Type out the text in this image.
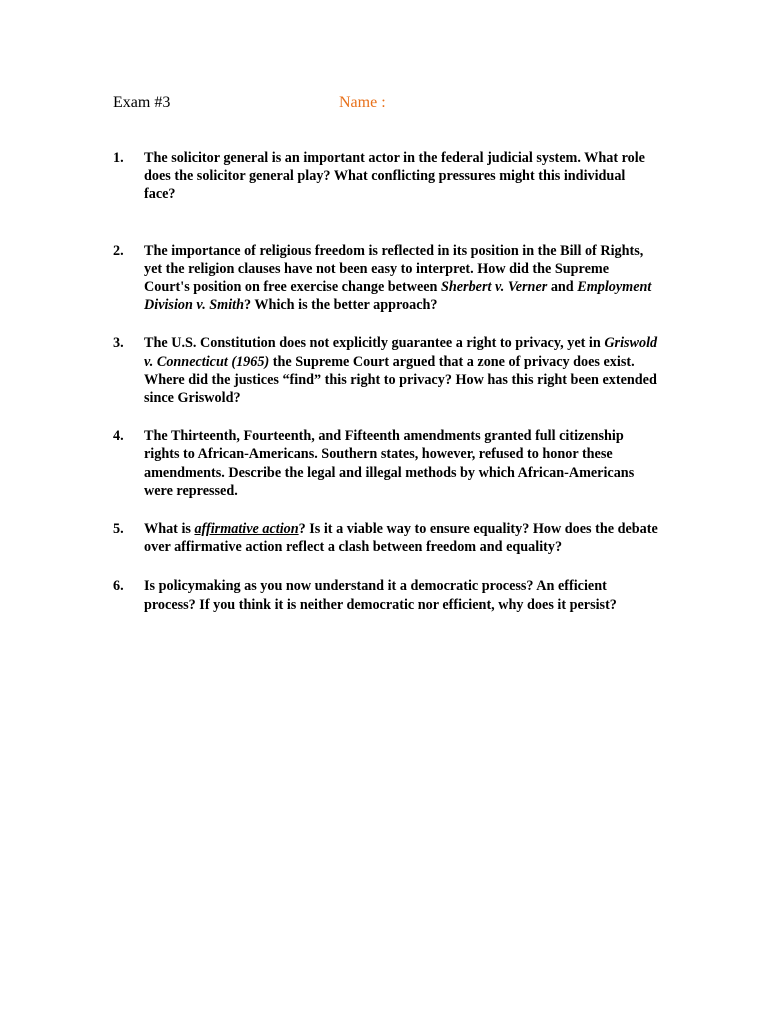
Exam #3	Name :
1. The solicitor general is an important actor in the federal judicial system. What role does the solicitor general play? What conflicting pressures might this individual face?
2. The importance of religious freedom is reflected in its position in the Bill of Rights, yet the religion clauses have not been easy to interpret. How did the Supreme Court's position on free exercise change between Sherbert v. Verner and Employment Division v. Smith? Which is the better approach?
3. The U.S. Constitution does not explicitly guarantee a right to privacy, yet in Griswold v. Connecticut (1965) the Supreme Court argued that a zone of privacy does exist. Where did the justices “find” this right to privacy? How has this right been extended since Griswold?
4. The Thirteenth, Fourteenth, and Fifteenth amendments granted full citizenship rights to African-Americans. Southern states, however, refused to honor these amendments. Describe the legal and illegal methods by which African-Americans were repressed.
5. What is affirmative action? Is it a viable way to ensure equality? How does the debate over affirmative action reflect a clash between freedom and equality?
6. Is policymaking as you now understand it a democratic process? An efficient process? If you think it is neither democratic nor efficient, why does it persist?
